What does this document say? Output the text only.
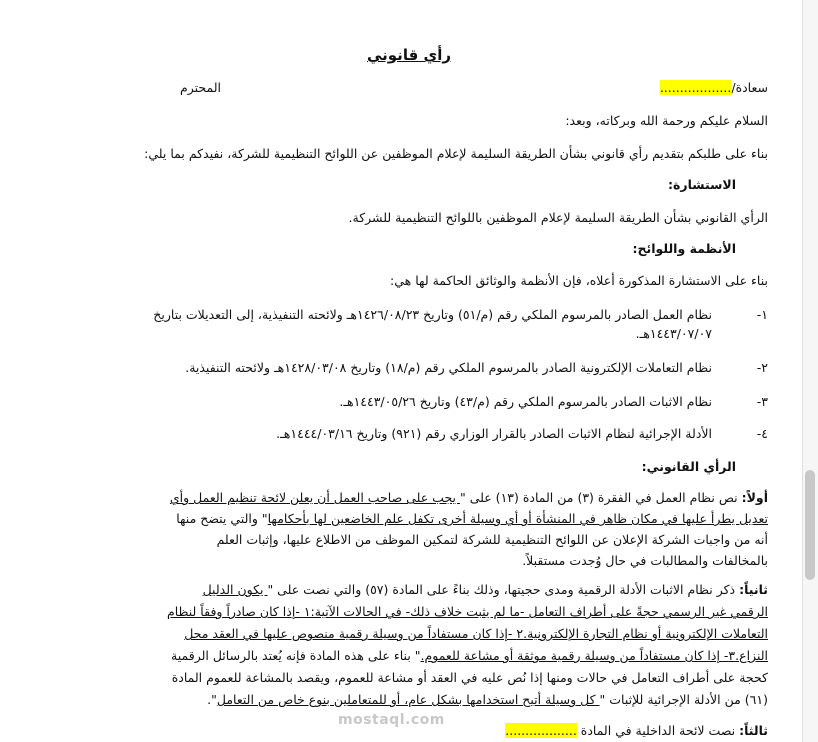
رأي قانوني
سعادة/..................
المحترم
السلام عليكم ورحمة الله وبركاته، وبعد:
بناء على طلبكم بتقديم رأي قانوني بشأن الطريقة السليمة لإعلام الموظفين عن اللوائح التنظيمية للشركة، نفيدكم بما يلي:
الاستشارة:
الرأي القانوني بشأن الطريقة السليمة لإعلام الموظفين باللوائح التنظيمية للشركة.
الأنظمة واللوائح:
بناء على الاستشارة المذكورة أعلاه، فإن الأنظمة والوثائق الحاكمة لها هي:
١-
نظام العمل الصادر بالمرسوم الملكي رقم (م/٥١) وتاريخ ١٤٢٦/٠٨/٢٣هـ ولائحته التنفيذية، إلى التعديلات بتاريخ
١٤٤٣/٠٧/٠٧هـ.
٢-
نظام التعاملات الإلكترونية الصادر بالمرسوم الملكي رقم (م/١٨) وتاريخ ١٤٢٨/٠٣/٠٨هـ ولائحته التنفيذية.
٣-
نظام الاثبات الصادر بالمرسوم الملكي رقم (م/٤٣) وتاريخ ١٤٤٣/٠٥/٢٦هـ.
٤-
الأدلة الإجرائية لنظام الاثبات الصادر بالقرار الوزاري رقم (٩٢١) وتاريخ ١٤٤٤/٠٣/١٦هـ.
الرأي القانوني:
أولاً: نص نظام العمل في الفقرة (٣) من المادة (١٣) على " يجب على صاحب العمل أن يعلن لائحة تنظيم العمل وأي
تعديل يطرأ عليها في مكان ظاهر في المنشأة أو أي وسيلة أخرى تكفل علم الخاضعين لها بأحكامها" والتي يتضح منها
أنه من واجبات الشركة الإعلان عن اللوائح التنظيمية للشركة لتمكين الموظف من الاطلاع عليها، وإثبات العلم
بالمخالفات والمطالبات في حال وُجدت مستقبلاً.
ثانياً: ذكر نظام الاثبات الأدلة الرقمية ومدى حجيتها، وذلك بناءً على المادة (٥٧) والتي نصت على " يكون الدليل
الرقمي غير الرسمي حجةً على أطراف التعامل -ما لم يثبت خلاف ذلك- في الحالات الآتية:١ -إذا كان صادراً وفقاً لنظام
التعاملات الإلكترونية أو نظام التجارة الإلكترونية.٢ -إذا كان مستفاداً من وسيلة رقمية منصوص عليها في العقد محل
النزاع.٣- إذا كان مستفاداً من وسيلة رقمية موثقة أو مشاعة للعموم." بناء على هذه المادة فإنه يُعتد بالرسائل الرقمية
كحجة على أطراف التعامل في حالات ومنها إذا نُص عليه في العقد أو مشاعة للعموم، ويقصد بالمشاعة للعموم المادة
(٦١) من الأدلة الإجرائية للإثبات " كل وسيلة أتيح استخدامها بشكل عام، أو للمتعاملين بنوع خاص من التعامل".
ثالثاً: نصت لائحة الداخلية في المادة ..................
mostaql.com
